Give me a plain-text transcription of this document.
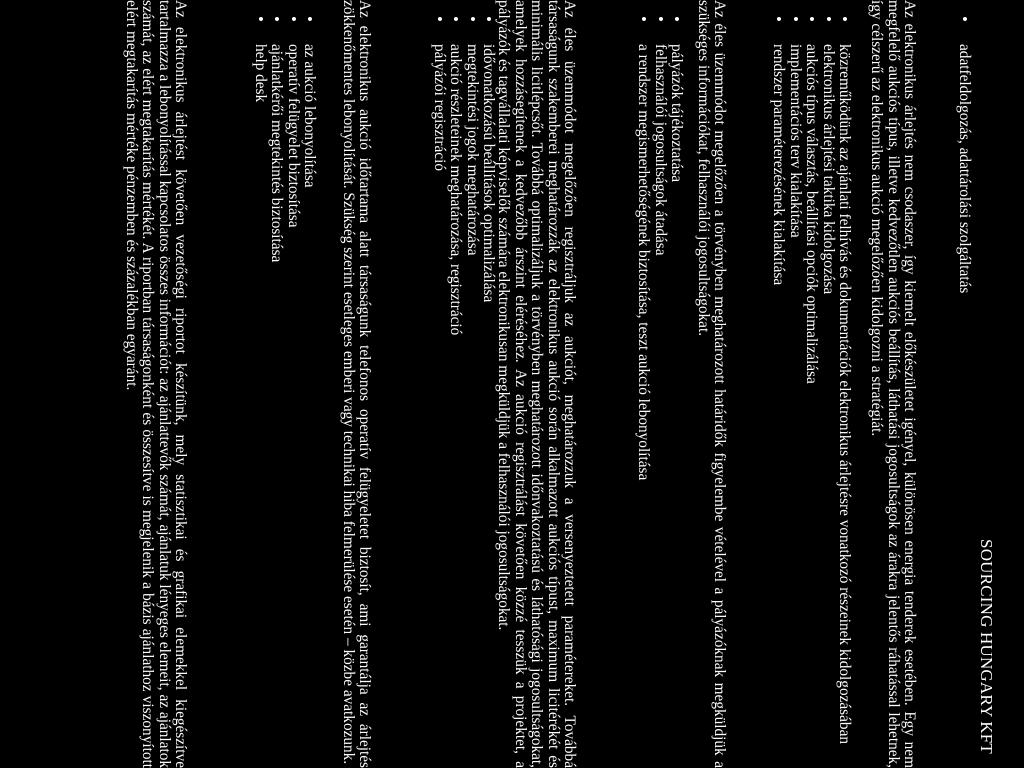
SOURCING HUNGARY KFT
• adatfeldolgozás, adattárolási szolgáltatás

Az elektronikus árlejtés nem csodaszer, így kiemelt előkészületet igényel, különösen energia tenderek esetében. Egy nem megfelelő aukciós típus, illetve kedvezőtlen aukciós beállítás, láthatási jogosultságok az árakra jelentős ráhatással lehetnek, így célszerű az elektronikus aukció megelőzően kidolgozni a stratégiát.

• közreműködünk az ajánlati felhívás és dokumentációk elektronikus árlejtésre vonatkozó részeinek kidolgozásában
• elektronikus árlejtési taktika kidolgozása
• aukciós típus választás, beállítási opciók optimalizálása
• implementációs terv kialakítása
• rendszer paraméterezésének kialakítása

Az éles üzemmódot megelőzően a törvényben meghatározott határidők figyelembe vételével a pályázóknak megküldjük a szükséges információkat, felhasználói jogosultságokat.

• pályázók tájékoztatása
• felhasználói jogosultságok átadása
• a rendszer megismerhetőségének biztosítása, teszt aukció lebonyolítása

Az éles üzemmódot megelőzően regisztráljuk az aukciót, meghatározzuk a versenyeztetett paramétereket. Továbbá társaságunk szakemberei meghatározzák az elektronikus aukció során alkalmazott aukciós típust, maximum licitérékét és minimális licitlépcsőt. Továbbá optimalizáljuk a törvényben meghatározott időnvakoztatású és láthatósági jogosultságokat, amelyek hozzásegítenek a kedvezőbb árszint eléréséhez. Az aukció regisztrálást követően közzé tesszük a projektet, a pályázók és tagvállalati képviselők számára elektronikusan megküldjük a felhasználói jogosultságokat.

• idővonatkozású beállítások optimalizálása
• megtekintési jogok meghatározása
• aukció részleteinek meghatározása, regisztráció
• pályázói regisztráció

Az elektronikus aukció időtartama alatt társaságunk telefonos operatív felügyeletet biztosít, ami garantálja az árlejtés zökkenőmentes lebonyolítását. Szükség szerint esetleges emberi vagy technikai hiba felmerülése esetén – közbe avatkozunk.

• az aukció lebonyolítása
• operatív felügyelet biztosítása
• ajánlatkérői megtekintés biztosítása
• help desk

Az elektronikus árlejtést követően vezetőségi riportot készítünk, mely statisztikai és grafikai elemekkel kiegészítve tartalmazza a lebonyolítással kapcsolatos összes információt: az ajánlattevők számát, ajánlatuk lényeges elemeit, az ajánlatok számát, az elért megtakarítás mértékét. A riportban társaságonként és összesítve is megjelenik a bázis ajánlathoz viszonyított elért megtakarítás mértéke pénzemben és százalékban egyaránt.
